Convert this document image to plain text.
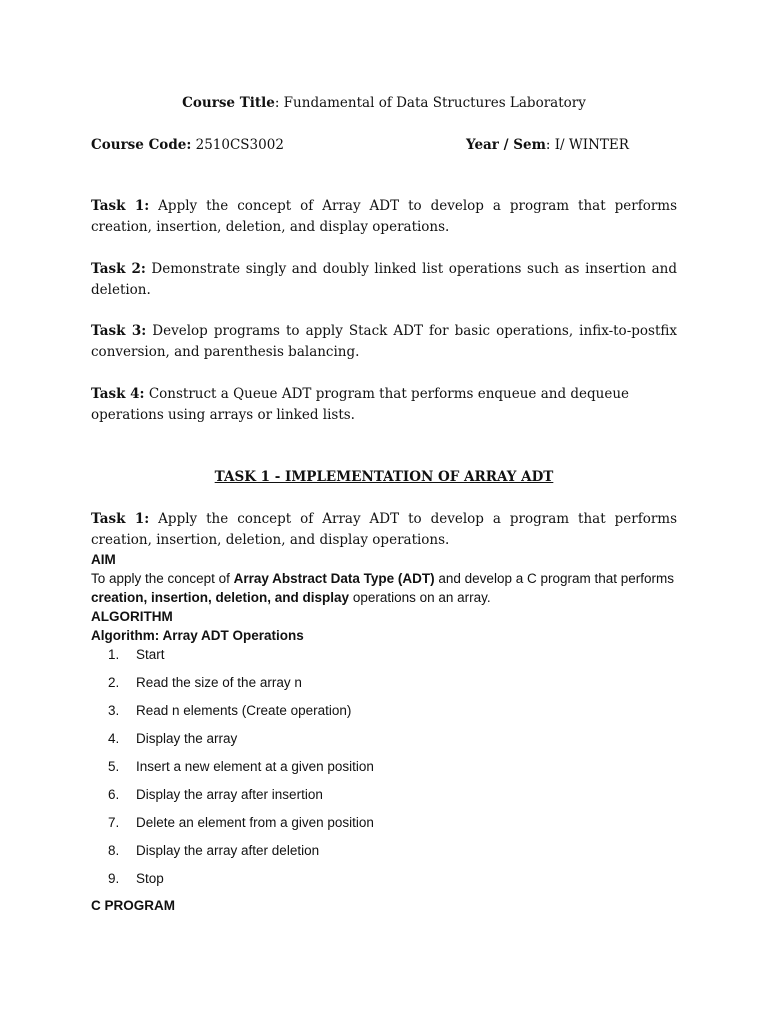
Course Title: Fundamental of Data Structures Laboratory
Course Code: 2510CS3002	Year / Sem: I/ WINTER
Task 1: Apply the concept of Array ADT to develop a program that performs creation, insertion, deletion, and display operations.
Task 2: Demonstrate singly and doubly linked list operations such as insertion and deletion.
Task 3: Develop programs to apply Stack ADT for basic operations, infix-to-postfix conversion, and parenthesis balancing.
Task 4: Construct a Queue ADT program that performs enqueue and dequeue operations using arrays or linked lists.
TASK 1 - IMPLEMENTATION OF ARRAY ADT
Task 1: Apply the concept of Array ADT to develop a program that performs creation, insertion, deletion, and display operations.
AIM
To apply the concept of Array Abstract Data Type (ADT) and develop a C program that performs creation, insertion, deletion, and display operations on an array.
ALGORITHM
Algorithm: Array ADT Operations
1. Start
2. Read the size of the array n
3. Read n elements (Create operation)
4. Display the array
5. Insert a new element at a given position
6. Display the array after insertion
7. Delete an element from a given position
8. Display the array after deletion
9. Stop
C PROGRAM
